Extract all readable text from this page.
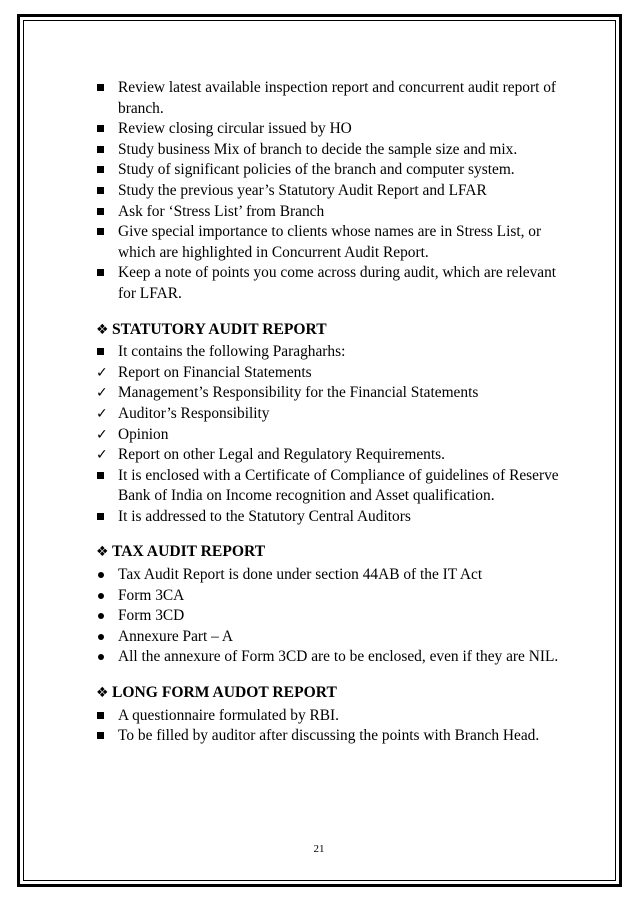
Review latest available inspection report and concurrent audit report of branch.
Review closing circular issued by HO
Study business Mix of branch to decide the sample size and mix.
Study of significant policies of the branch and computer system.
Study the previous year’s Statutory Audit Report and LFAR
Ask for ‘Stress List’ from Branch
Give special importance to clients whose names are in Stress List, or which are highlighted in Concurrent Audit Report.
Keep a note of points you come across during audit, which are relevant for LFAR.
❖ STATUTORY AUDIT REPORT
It contains the following Paragharhs:
✓ Report on Financial Statements
✓ Management’s Responsibility for the Financial Statements
✓ Auditor’s Responsibility
✓ Opinion
✓ Report on other Legal and Regulatory Requirements.
It is enclosed with a Certificate of Compliance of guidelines of Reserve Bank of India on Income recognition and Asset qualification.
It is addressed to the Statutory Central Auditors
❖ TAX AUDIT REPORT
Tax Audit Report is done under section 44AB of the IT Act
Form 3CA
Form 3CD
Annexure Part – A
All the annexure of Form 3CD are to be enclosed, even if they are NIL.
❖ LONG FORM AUDOT REPORT
A questionnaire formulated by RBI.
To be filled by auditor after discussing the points with Branch Head.
21
